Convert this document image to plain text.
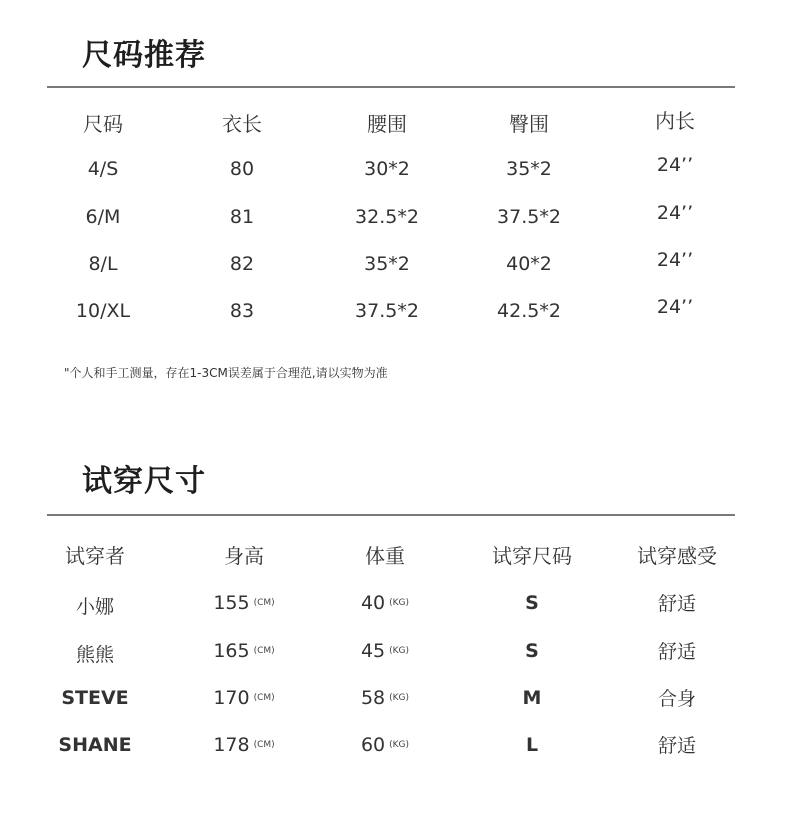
尺码推荐
尺码	衣长	腰围	臀围	内长
4/S	80	30*2	35*2	24’’
6/M	81	32.5*2	37.5*2	24’’
8/L	82	35*2	40*2	24’’
10/XL	83	37.5*2	42.5*2	24’’
"个人和手工测量，存在1-3CM误差属于合理范,请以实物为准
试穿尺寸
试穿者	身高	体重	试穿尺码	试穿感受
小娜	155 $^{(CM)}$	40 $^{(KG)}$	S	舒适
熊熊	165 $^{(CM)}$	45 $^{(KG)}$	S	舒适
STEVE	170 $^{(CM)}$	58 $^{(KG)}$	M	合身
SHANE	178 $^{(CM)}$	60 $^{(KG)}$	L	舒适
